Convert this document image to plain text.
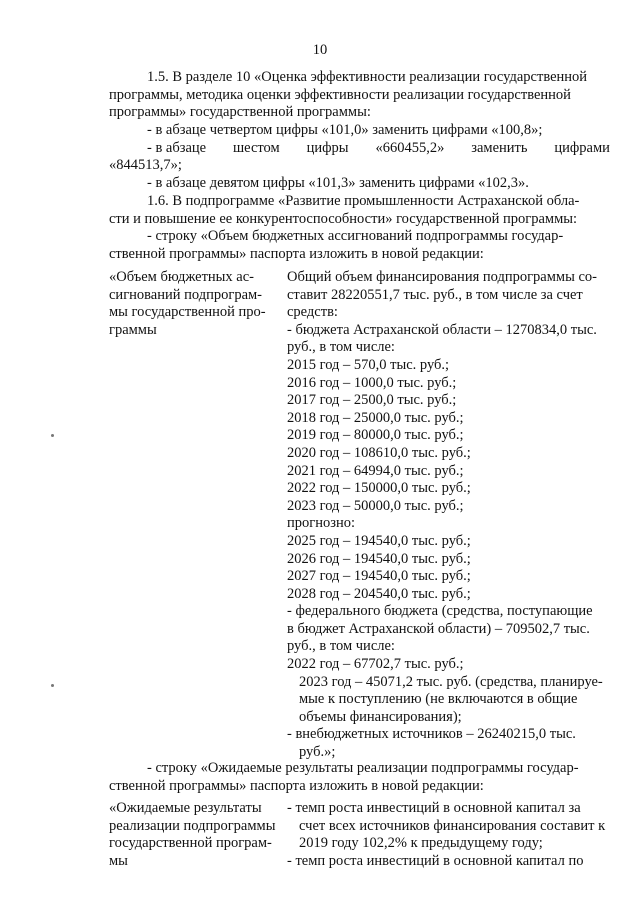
10
1.5. В разделе 10 «Оценка эффективности реализации государственной
программы, методика оценки эффективности реализации государственной
программы» государственной программы:
- в абзаце четвертом цифры «101,0» заменить цифрами «100,8»;
- в абзаце шестом цифры «660455,2» заменить цифрами
«844513,7»;
- в абзаце девятом цифры «101,3» заменить цифрами «102,3».
1.6. В подпрограмме «Развитие промышленности Астраханской обла-
сти и повышение ее конкурентоспособности» государственной программы:
- строку «Объем бюджетных ассигнований подпрограммы государ-
ственной программы» паспорта изложить в новой редакции:
«Объем бюджетных ас-
сигнований подпрограм-
мы государственной про-
граммы
Общий объем финансирования подпрограммы со-
ставит 28220551,7 тыс. руб., в том числе за счет
средств:
- бюджета Астраханской области – 1270834,0 тыс.
руб., в том числе:
2015 год – 570,0 тыс. руб.;
2016 год – 1000,0 тыс. руб.;
2017 год – 2500,0 тыс. руб.;
2018 год – 25000,0 тыс. руб.;
2019 год – 80000,0 тыс. руб.;
2020 год – 108610,0 тыс. руб.;
2021 год – 64994,0 тыс. руб.;
2022 год – 150000,0 тыс. руб.;
2023 год – 50000,0 тыс. руб.;
прогнозно:
2025 год – 194540,0 тыс. руб.;
2026 год – 194540,0 тыс. руб.;
2027 год – 194540,0 тыс. руб.;
2028 год – 204540,0 тыс. руб.;
- федерального бюджета (средства, поступающие
в бюджет Астраханской области) – 709502,7 тыс.
руб., в том числе:
2022 год – 67702,7 тыс. руб.;
2023 год – 45071,2 тыс. руб. (средства, планируе-
мые к поступлению (не включаются в общие
объемы финансирования);
- внебюджетных источников – 26240215,0 тыс.
руб.»;
- строку «Ожидаемые результаты реализации подпрограммы государ-
ственной программы» паспорта изложить в новой редакции:
«Ожидаемые результаты
реализации подпрограммы
государственной програм-
мы
- темп роста инвестиций в основной капитал за
счет всех источников финансирования составит к
2019 году 102,2% к предыдущему году;
- темп роста инвестиций в основной капитал по
